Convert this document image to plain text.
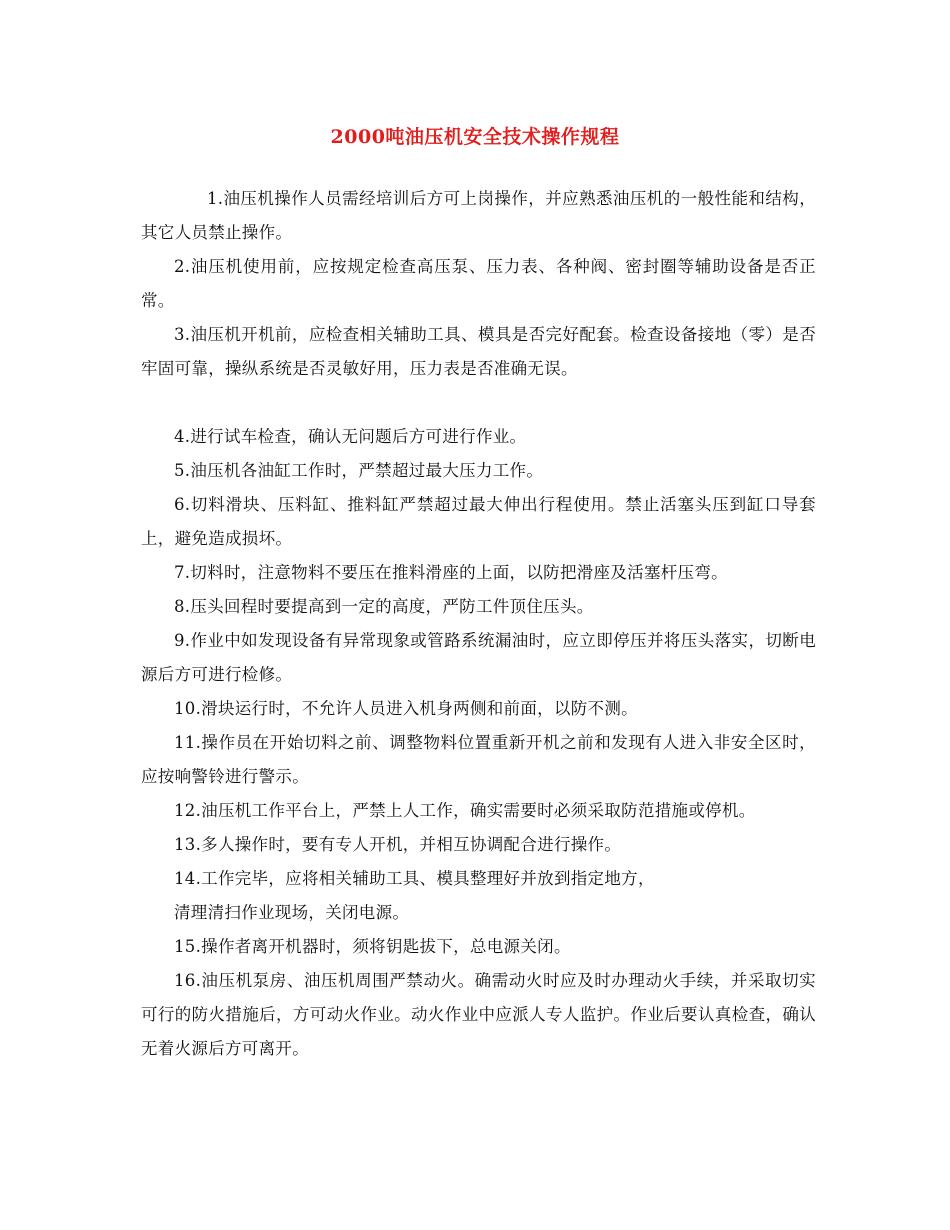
2000吨油压机安全技术操作规程

1.油压机操作人员需经培训后方可上岗操作，并应熟悉油压机的一般性能和结构，其它人员禁止操作。

2.油压机使用前，应按规定检查高压泵、压力表、各种阀、密封圈等辅助设备是否正常。

3.油压机开机前，应检查相关辅助工具、模具是否完好配套。检查设备接地（零）是否牢固可靠，操纵系统是否灵敏好用，压力表是否准确无误。

4.进行试车检查，确认无问题后方可进行作业。

5.油压机各油缸工作时，严禁超过最大压力工作。

6.切料滑块、压料缸、推料缸严禁超过最大伸出行程使用。禁止活塞头压到缸口导套上，避免造成损坏。

7.切料时，注意物料不要压在推料滑座的上面，以防把滑座及活塞杆压弯。

8.压头回程时要提高到一定的高度，严防工件顶住压头。

9.作业中如发现设备有异常现象或管路系统漏油时，应立即停压并将压头落实，切断电源后方可进行检修。

10.滑块运行时，不允许人员进入机身两侧和前面，以防不测。

11.操作员在开始切料之前、调整物料位置重新开机之前和发现有人进入非安全区时，应按响警铃进行警示。

12.油压机工作平台上，严禁上人工作，确实需要时必须采取防范措施或停机。

13.多人操作时，要有专人开机，并相互协调配合进行操作。

14.工作完毕，应将相关辅助工具、模具整理好并放到指定地方，

清理清扫作业现场，关闭电源。

15.操作者离开机器时，须将钥匙拔下，总电源关闭。

16.油压机泵房、油压机周围严禁动火。确需动火时应及时办理动火手续，并采取切实可行的防火措施后，方可动火作业。动火作业中应派人专人监护。作业后要认真检查，确认无着火源后方可离开。
